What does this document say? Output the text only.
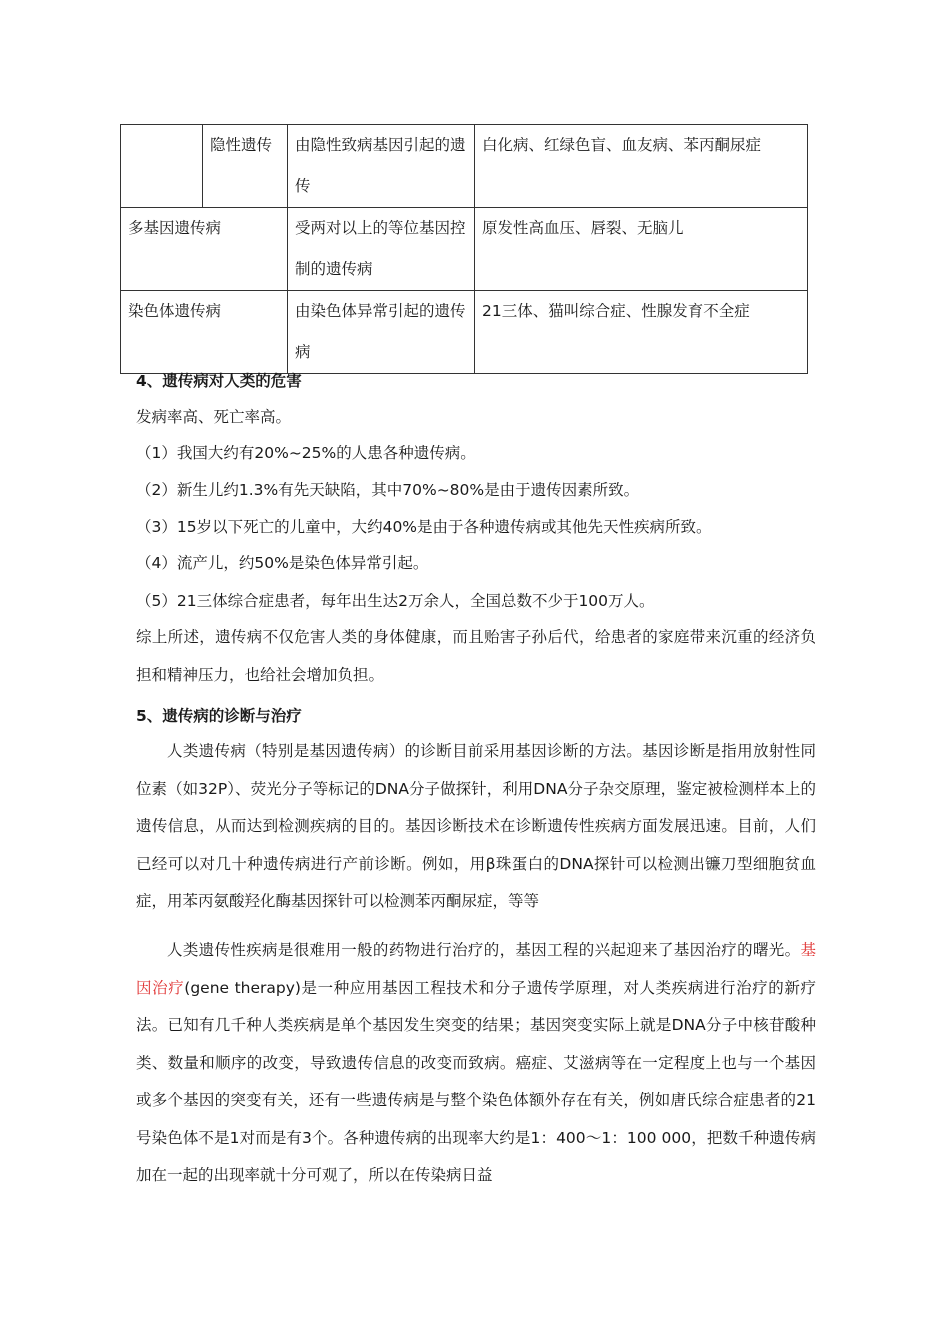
	隐性遗传	由隐性致病基因引起的遗传	白化病、红绿色盲、血友病、苯丙酮尿症
多基因遗传病		受两对以上的等位基因控制的遗传病	原发性高血压、唇裂、无脑儿
染色体遗传病		由染色体异常引起的遗传病	21三体、猫叫综合症、性腺发育不全症
4、遗传病对人类的危害
发病率高、死亡率高。
（1）我国大约有20%~25%的人患各种遗传病。
（2）新生儿约1.3%有先天缺陷，其中70%~80%是由于遗传因素所致。
（3）15岁以下死亡的儿童中，大约40%是由于各种遗传病或其他先天性疾病所致。
（4）流产儿，约50%是染色体异常引起。
（5）21三体综合症患者，每年出生达2万余人，全国总数不少于100万人。
综上所述，遗传病不仅危害人类的身体健康，而且贻害子孙后代，给患者的家庭带来沉重的经济负担和精神压力，也给社会增加负担。
5、遗传病的诊断与治疗
人类遗传病（特别是基因遗传病）的诊断目前采用基因诊断的方法。基因诊断是指用放射性同位素（如32P）、荧光分子等标记的DNA分子做探针，利用DNA分子杂交原理，鉴定被检测样本上的遗传信息，从而达到检测疾病的目的。基因诊断技术在诊断遗传性疾病方面发展迅速。目前，人们已经可以对几十种遗传病进行产前诊断。例如，用β珠蛋白的DNA探针可以检测出镰刀型细胞贫血症，用苯丙氨酸羟化酶基因探针可以检测苯丙酮尿症，等等
人类遗传性疾病是很难用一般的药物进行治疗的，基因工程的兴起迎来了基因治疗的曙光。基因治疗(gene therapy)是一种应用基因工程技术和分子遗传学原理，对人类疾病进行治疗的新疗法。已知有几千种人类疾病是单个基因发生突变的结果；基因突变实际上就是DNA分子中核苷酸种类、数量和顺序的改变，导致遗传信息的改变而致病。癌症、艾滋病等在一定程度上也与一个基因或多个基因的突变有关，还有一些遗传病是与整个染色体额外存在有关，例如唐氏综合症患者的21号染色体不是1对而是有3个。各种遗传病的出现率大约是1：400～1：100 000，把数千种遗传病加在一起的出现率就十分可观了，所以在传染病日益
